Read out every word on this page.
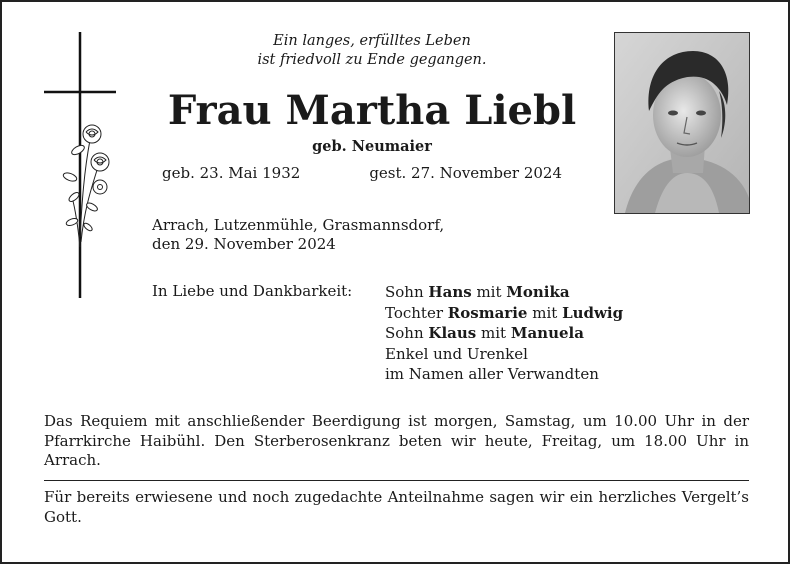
Ein langes, erfülltes Leben
ist friedvoll zu Ende gegangen.
Frau Martha Liebl
geb. Neumaier
geb. 23. Mai 1932	gest. 27. November 2024
Arrach, Lutzenmühle, Grasmannsdorf,
den 29. November 2024
In Liebe und Dankbarkeit: Sohn Hans mit Monika
Tochter Rosmarie mit Ludwig
Sohn Klaus mit Manuela
Enkel und Urenkel
im Namen aller Verwandten
Das Requiem mit anschließender Beerdigung ist morgen, Samstag, um 10.00 Uhr in der Pfarrkirche Haibühl. Den Sterberosenkranz beten wir heute, Freitag, um 18.00 Uhr in Arrach.
Für bereits erwiesene und noch zugedachte Anteilnahme sagen wir ein herzliches Vergelt’s Gott.
